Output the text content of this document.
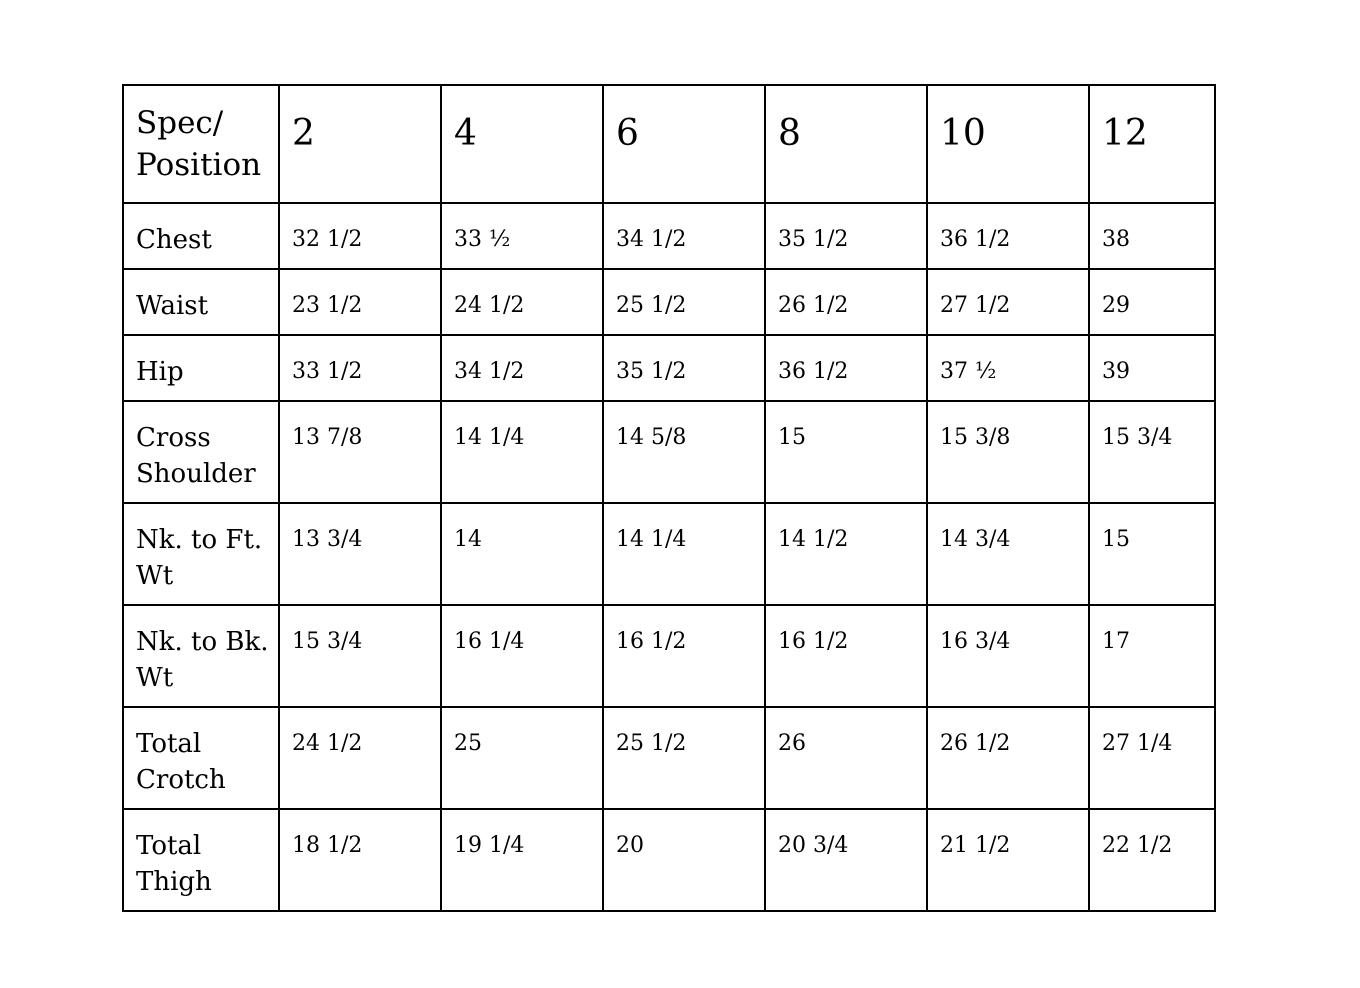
Spec/
Position	2	4	6	8	10	12

Chest	32 1/2	33 ½	34 1/2	35 1/2	36 1/2	38

Waist	23 1/2	24 1/2	25 1/2	26 1/2	27 1/2	29

Hip	33 1/2	34 1/2	35 1/2	36 1/2	37 ½	39

Cross
Shoulder	13 7/8	14 1/4	14 5/8	15	15 3/8	15 3/4

Nk. to Ft.
Wt	13 3/4	14	14 1/4	14 1/2	14 3/4	15

Nk. to Bk.
Wt	15 3/4	16 1/4	16 1/2	16 1/2	16 3/4	17

Total
Crotch	24 1/2	25	25 1/2	26	26 1/2	27 1/4

Total
Thigh	18 1/2	19 1/4	20	20 3/4	21 1/2	22 1/2
